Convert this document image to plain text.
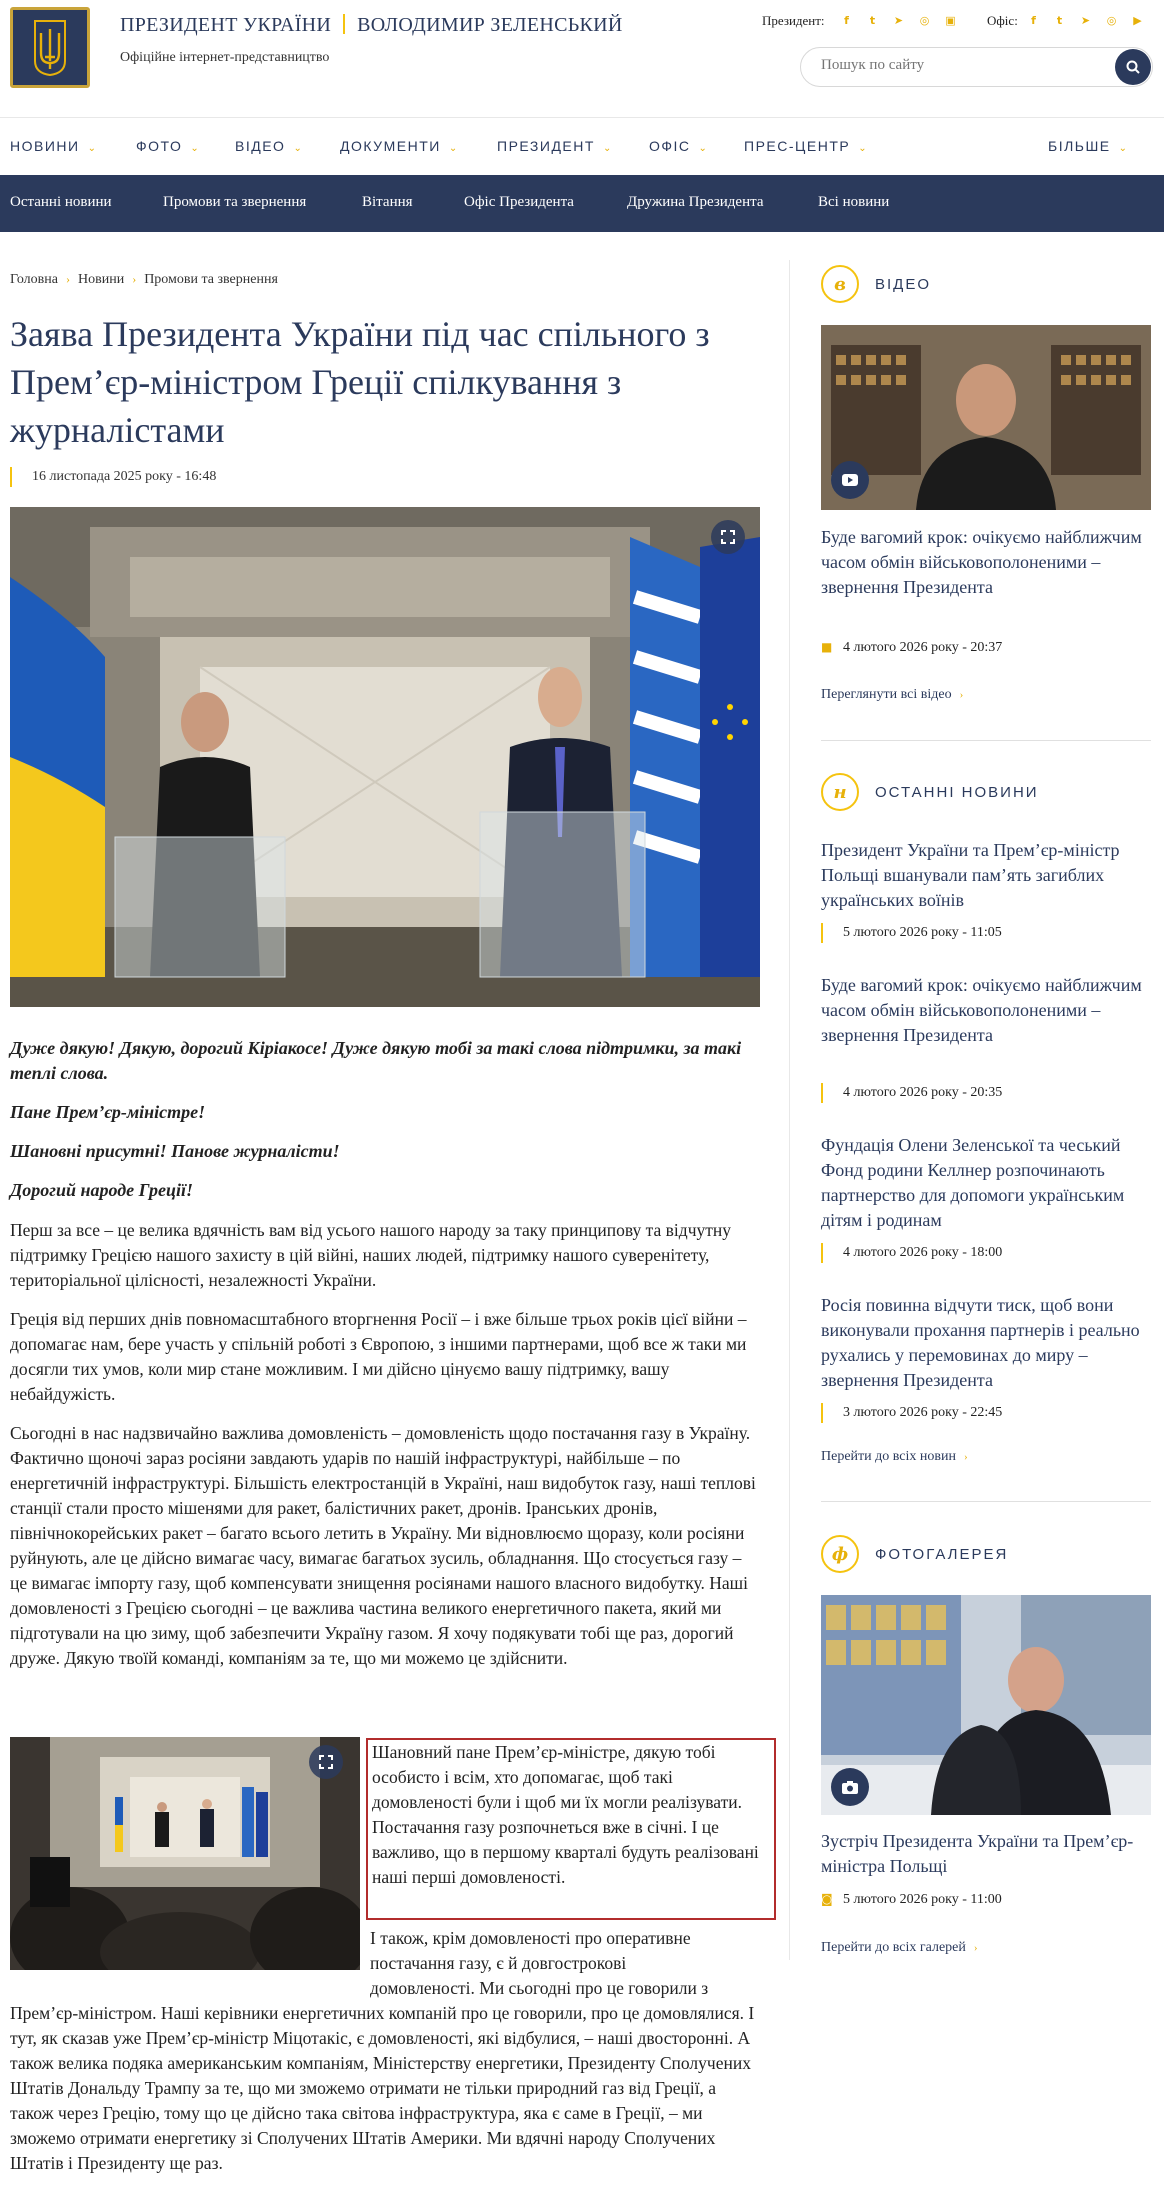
ПРЕЗИДЕНТ УКРАЇНИ ВОЛОДИМИР ЗЕЛЕНСЬКИЙ
Офіційне інтернет-представництво
Президент:	f	t	➤ ◎ ▣ Офіс:	f	t	➤ ◎ ▶
Пошук по сайту
НОВИНИ ⌄	ФОТО ⌄ ВІДЕО ⌄	ДОКУМЕНТИ ⌄	ПРЕЗИДЕНТ ⌄	ОФІС ⌄	ПРЕС-ЦЕНТР ⌄	БІЛЬШЕ ⌄
Останні новини	Промови та звернення	Вітання	Офіс Президента	Дружина Президента	Всі новини
Головна › Новини › Промови та звернення
Заява Президента України під час спільного з Прем’єр-міністром Греції спілкування з журналістами
16 листопада 2025 року - 16:48
Дуже дякую! Дякую, дорогий Кіріакосе! Дуже дякую тобі за такі слова підтримки, за такі теплі слова.
Пане Прем’єр-міністре!
Шановні присутні! Панове журналісти!
Дорогий народе Греції!
Перш за все – це велика вдячність вам від усього нашого народу за таку принципову та відчутну підтримку Грецією нашого захисту в цій війні, наших людей, підтримку нашого суверенітету, територіальної цілісності, незалежності України.
Греція від перших днів повномасштабного вторгнення Росії – і вже більше трьох років цієї війни – допомагає нам, бере участь у спільній роботі з Європою, з іншими партнерами, щоб все ж таки ми досягли тих умов, коли мир стане можливим. І ми дійсно цінуємо вашу підтримку, вашу небайдужість.
Сьогодні в нас надзвичайно важлива домовленість – домовленість щодо постачання газу в Україну. Фактично щоночі зараз росіяни завдають ударів по нашій інфраструктурі, найбільше – по енергетичній інфраструктурі. Більшість електростанцій в Україні, наш видобуток газу, наші теплові станції стали просто мішенями для ракет, балістичних ракет, дронів. Іранських дронів, північнокорейських ракет – багато всього летить в Україну. Ми відновлюємо щоразу, коли росіяни руйнують, але це дійсно вимагає часу, вимагає багатьох зусиль, обладнання. Що стосується газу – це вимагає імпорту газу, щоб компенсувати знищення росіянами нашого власного видобутку. Наші домовленості з Грецією сьогодні – це важлива частина великого енергетичного пакета, який ми підготували на цю зиму, щоб забезпечити Україну газом. Я хочу подякувати тобі ще раз, дорогий друже. Дякую твоїй команді, компаніям за те, що ми можемо це здійснити.
Шановний пане Прем’єр-міністре, дякую тобі особисто і всім, хто допомагає, щоб такі домовленості були і щоб ми їх могли реалізувати. Постачання газу розпочнеться вже в січні. І це важливо, що в першому кварталі будуть реалізовані наші перші домовленості.
І також, крім домовленості про оперативне
постачання газу, є й довгострокові
домовленості. Ми сьогодні про це говорили з
Прем’єр-міністром. Наші керівники енергетичних компаній про це говорили, про це домовлялися. І тут, як сказав уже Прем’єр-міністр Міцотакіс, є домовленості, які відбулися, – наші двосторонні. А також велика подяка американським компаніям, Міністерству енергетики, Президенту Сполучених Штатів Дональду Трампу за те, що ми зможемо отримати не тільки природний газ від Греції, а також через Грецію, тому що це дійсно така світова інфраструктура, яка є саме в Греції, – ми зможемо отримати енергетику зі Сполучених Штатів Америки. Ми вдячні народу Сполучених Штатів і Президенту ще раз.
в	ВІДЕО
Буде вагомий крок: очікуємо найближчим часом обмін військовополоненими – звернення Президента
■ 4 лютого 2026 року - 20:37
Переглянути всі відео ›
н	ОСТАННІ НОВИНИ
Президент України та Прем’єр-міністр Польщі вшанували пам’ять загиблих українських воїнів
5 лютого 2026 року - 11:05
Буде вагомий крок: очікуємо найближчим часом обмін військовополоненими – звернення Президента
4 лютого 2026 року - 20:35
Фундація Олени Зеленської та чеський Фонд родини Келлнер розпочинають партнерство для допомоги українським дітям і родинам
4 лютого 2026 року - 18:00
Росія повинна відчути тиск, щоб вони виконували прохання партнерів і реально рухались у перемовинах до миру – звернення Президента
3 лютого 2026 року - 22:45
Перейти до всіх новин ›
ф	ФОТОГАЛЕРЕЯ
Зустріч Президента України та Прем’єр-міністра Польщі
◙ 5 лютого 2026 року - 11:00
Перейти до всіх галерей ›
